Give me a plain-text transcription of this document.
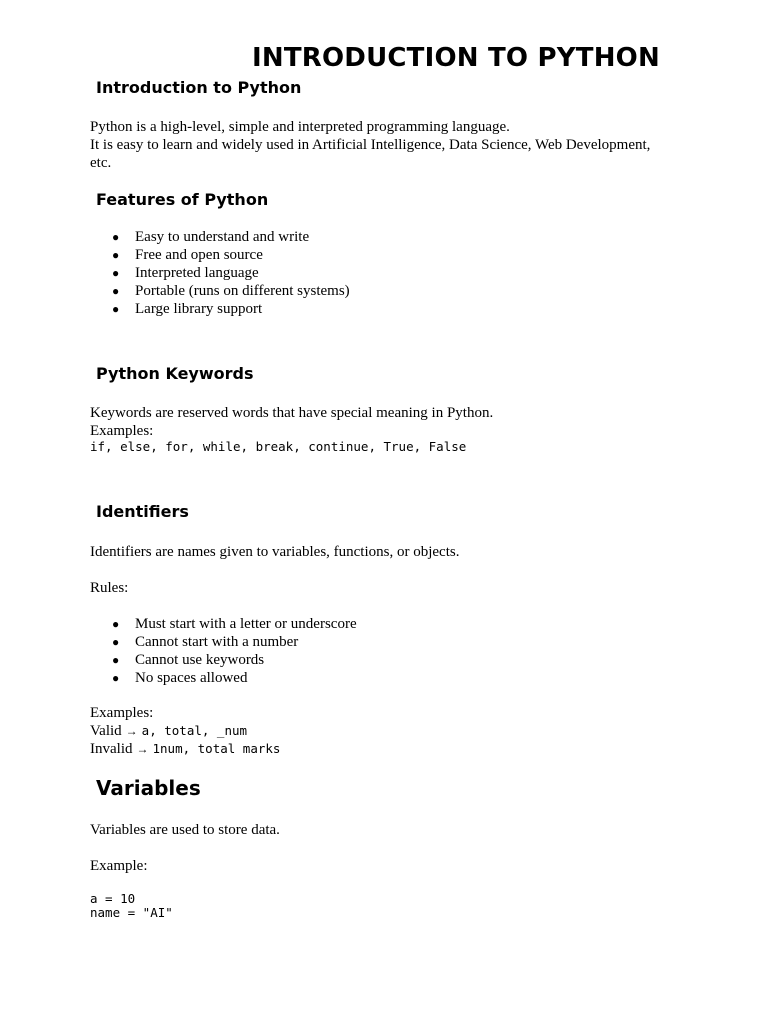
INTRODUCTION TO PYTHON
Introduction to Python

Python is a high-level, simple and interpreted programming language.
It is easy to learn and widely used in Artificial Intelligence, Data Science, Web Development, etc.

Features of Python
● Easy to understand and write
● Free and open source
● Interpreted language
● Portable (runs on different systems)
● Large library support
Python Keywords

Keywords are reserved words that have special meaning in Python.
Examples:
if, else, for, while, break, continue, True, False

Identifiers

Identifiers are names given to variables, functions, or objects.

Rules:

● Must start with a letter or underscore
● Cannot start with a number
● Cannot use keywords
● No spaces allowed

Examples:
Valid → a, total, _num
Invalid → 1num, total marks

Variables

Variables are used to store data.

Example:

a = 10
name = "AI"
